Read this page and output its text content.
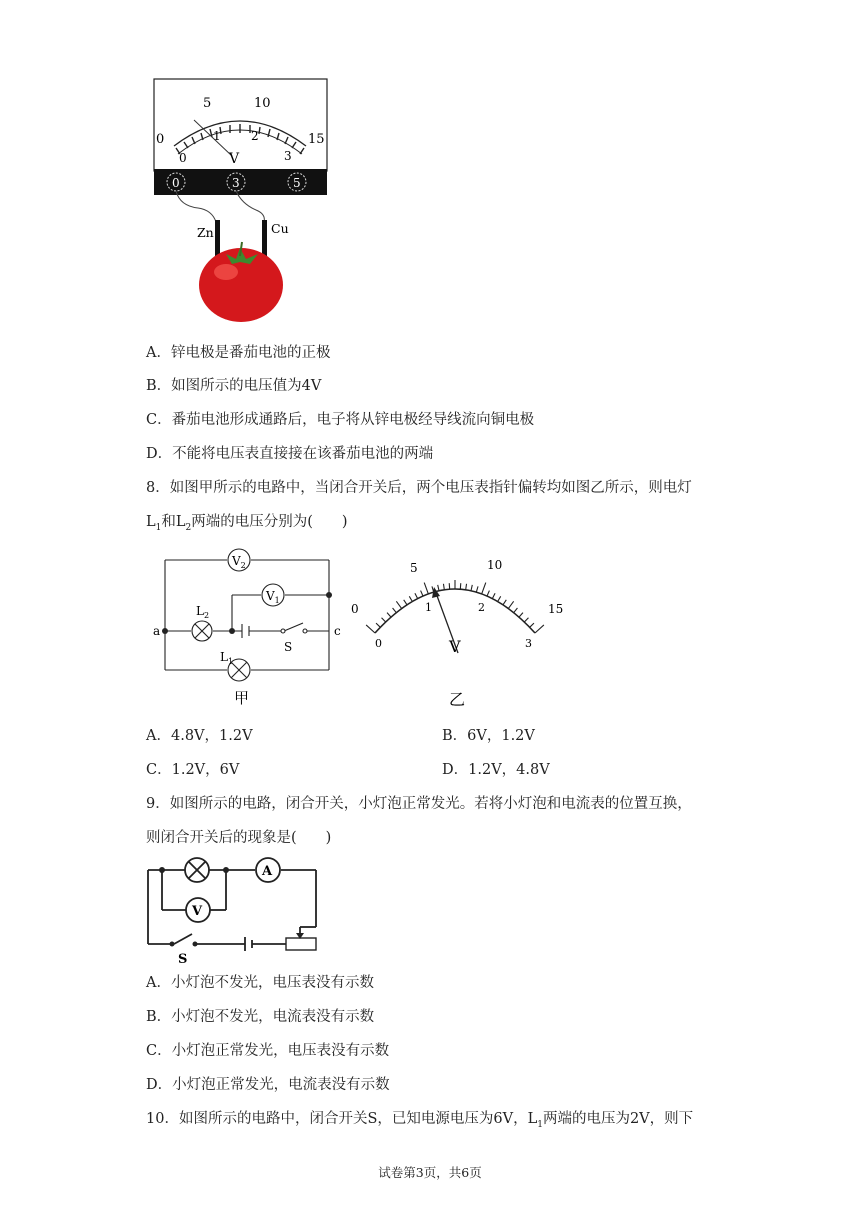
0
5	10
15
0
1	2
3
V
0	3	5
Zn	Cu
A．锌电极是番茄电池的正极
B．如图所示的电压值为4V
C．番茄电池形成通路后，电子将从锌电极经导线流向铜电极
D．不能将电压表直接接在该番茄电池的两端
8．如图甲所示的电路中，当闭合开关后，两个电压表指针偏转均如图乙所示，则电灯
$L_1$和$L_2$两端的电压分别为(　　)
$V_2$
$V_1$
$L_2$
$L_1$
a	c
S
甲
0
5	10
15
0
1	2
3
V
乙
A．4.8V，1.2V	B．6V，1.2V
C．1.2V，6V	D．1.2V，4.8V
9．如图所示的电路，闭合开关，小灯泡正常发光。若将小灯泡和电流表的位置互换，
则闭合开关后的现象是(　　)
A
V
S
A．小灯泡不发光，电压表没有示数
B．小灯泡不发光，电流表没有示数
C．小灯泡正常发光，电压表没有示数
D．小灯泡正常发光，电流表没有示数
10．如图所示的电路中，闭合开关S，已知电源电压为6V，$L_1$两端的电压为2V，则下
试卷第3页，共6页
